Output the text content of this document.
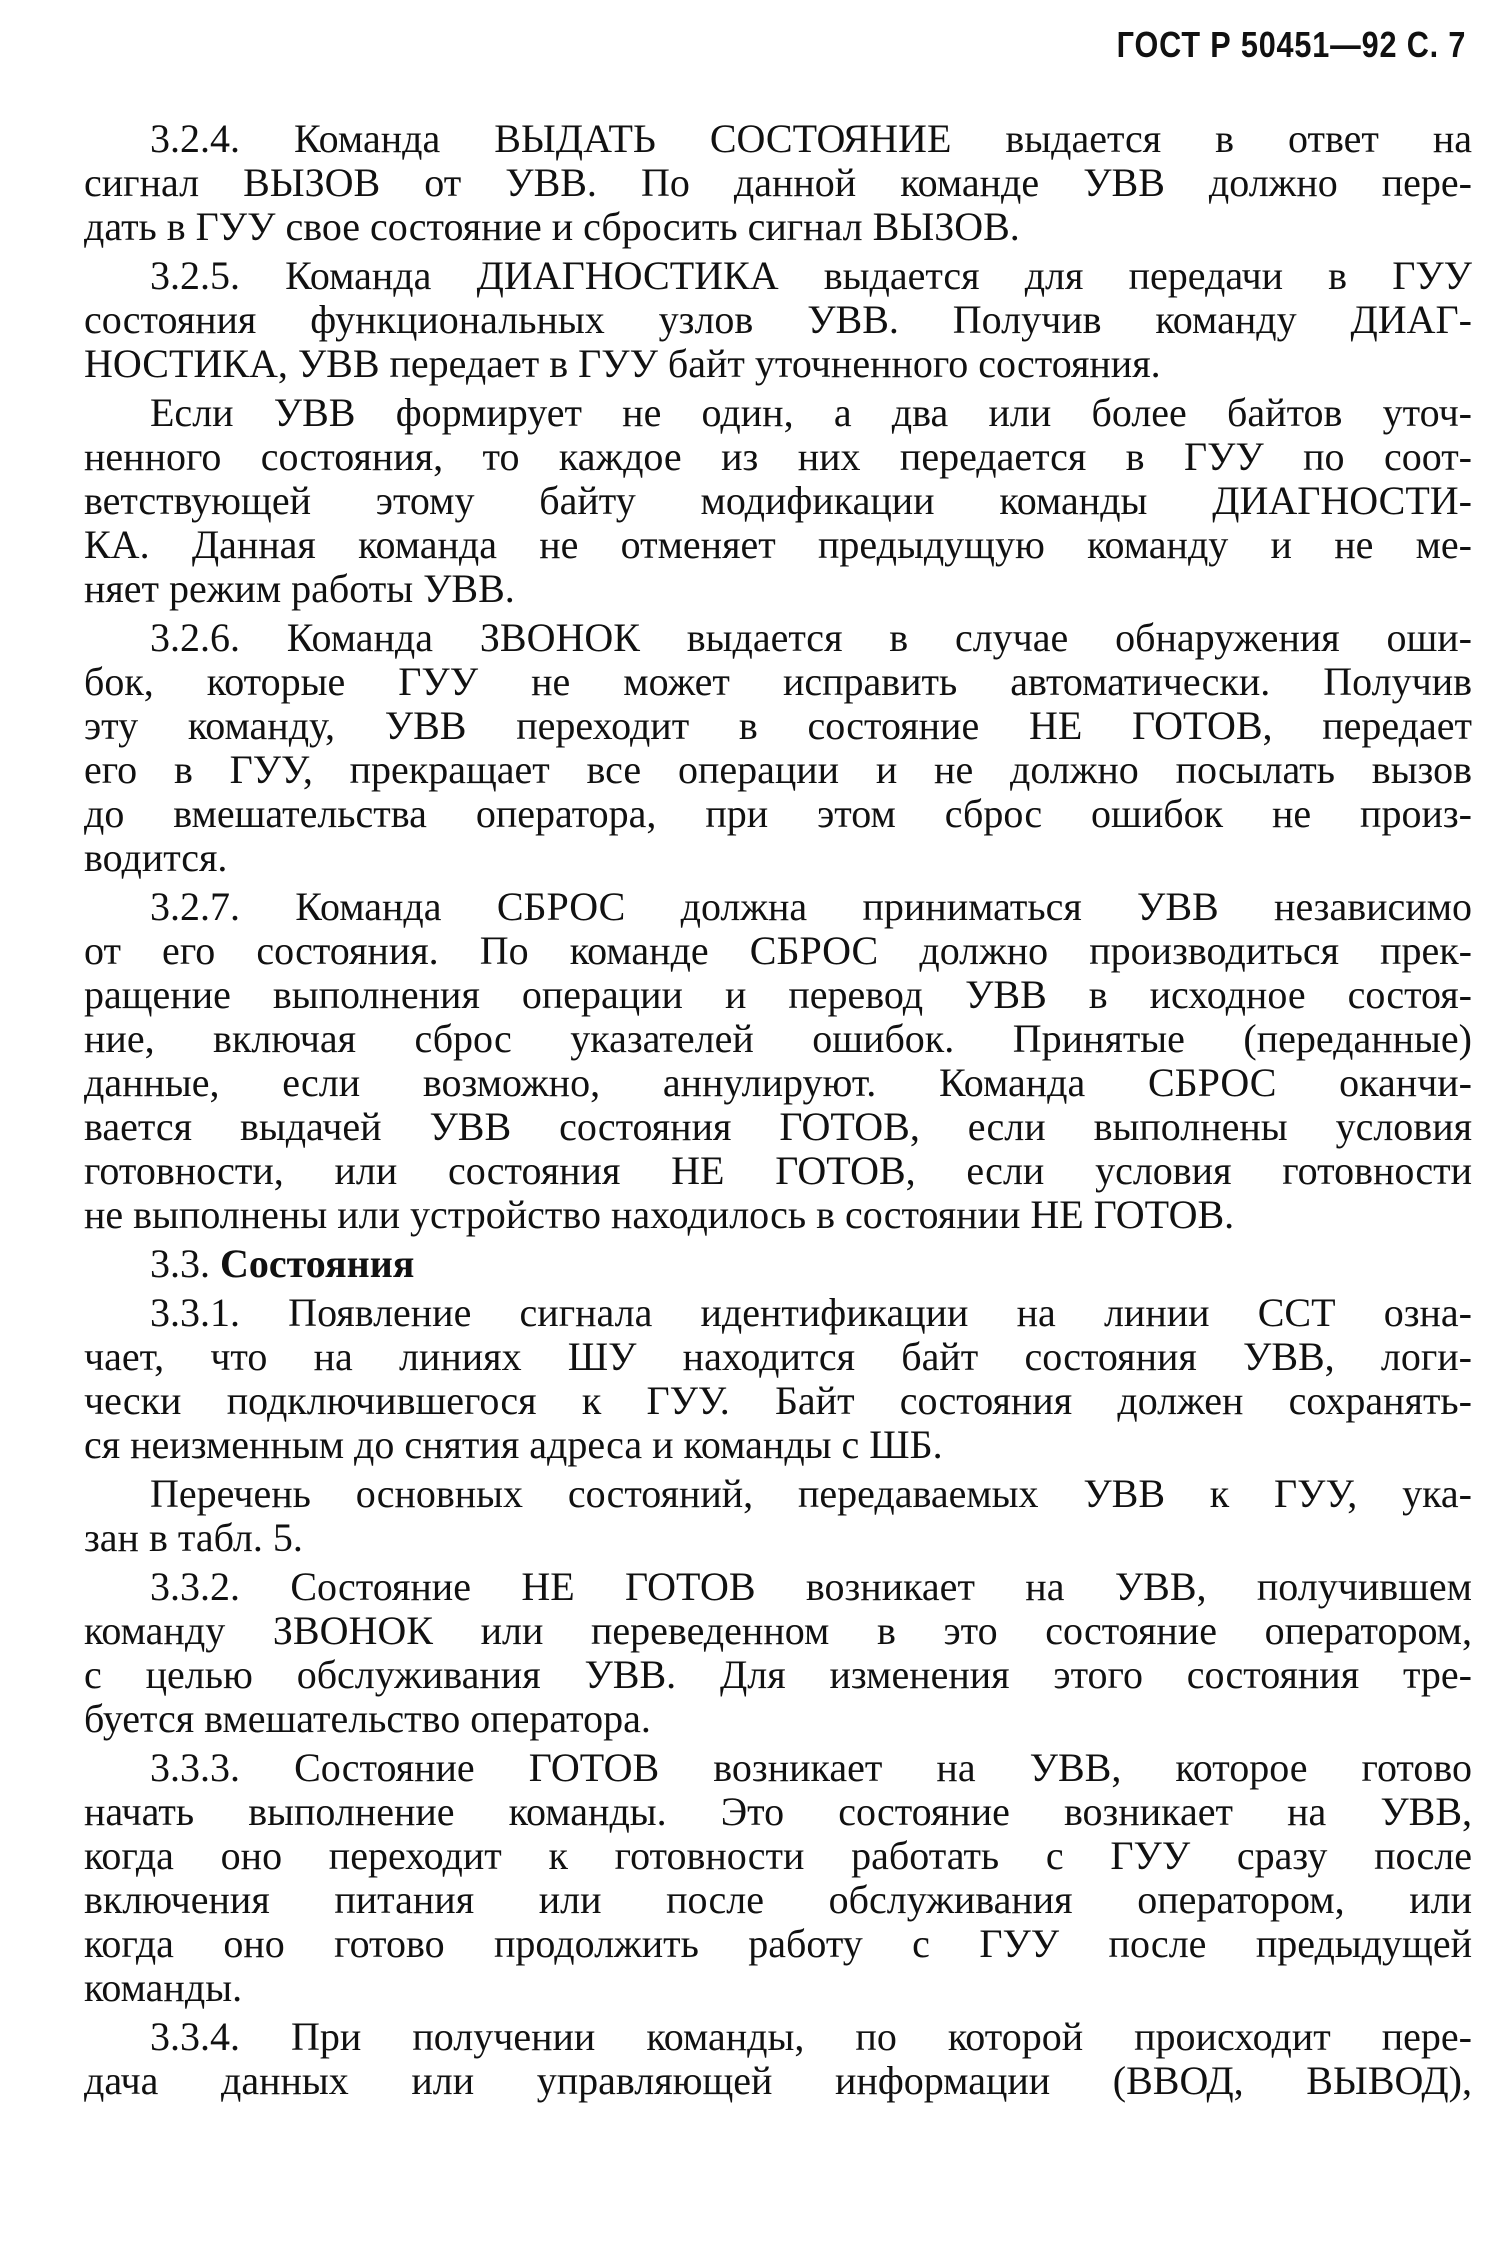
ГОСТ Р 50451—92 С. 7
3.2.4. Команда ВЫДАТЬ СОСТОЯНИЕ выдается в ответ на
сигнал ВЫЗОВ от УВВ. По данной команде УВВ должно пере-
дать в ГУУ свое состояние и сбросить сигнал ВЫЗОВ.
3.2.5. Команда ДИАГНОСТИКА выдается для передачи в ГУУ
состояния функциональных узлов УВВ. Получив команду ДИАГ-
НОСТИКА, УВВ передает в ГУУ байт уточненного состояния.
Если УВВ формирует не один, а два или более байтов уточ-
ненного состояния, то каждое из них передается в ГУУ по соот-
ветствующей этому байту модификации команды ДИАГНОСТИ-
КА. Данная команда не отменяет предыдущую команду и не ме-
няет режим работы УВВ.
3.2.6. Команда ЗВОНОК выдается в случае обнаружения оши-
бок, которые ГУУ не может исправить автоматически. Получив
эту команду, УВВ переходит в состояние НЕ ГОТОВ, передает
его в ГУУ, прекращает все операции и не должно посылать вызов
до вмешательства оператора, при этом сброс ошибок не произ-
водится.
3.2.7. Команда СБРОС должна приниматься УВВ независимо
от его состояния. По команде СБРОС должно производиться прек-
ращение выполнения операции и перевод УВВ в исходное состоя-
ние, включая сброс указателей ошибок. Принятые (переданные)
данные, если возможно, аннулируют. Команда СБРОС оканчи-
вается выдачей УВВ состояния ГОТОВ, если выполнены условия
готовности, или состояния НЕ ГОТОВ, если условия готовности
не выполнены или устройство находилось в состоянии НЕ ГОТОВ.
3.3. Состояния
3.3.1. Появление сигнала идентификации на линии ССТ озна-
чает, что на линиях ШУ находится байт состояния УВВ, логи-
чески подключившегося к ГУУ. Байт состояния должен сохранять-
ся неизменным до снятия адреса и команды с ШБ.
Перечень основных состояний, передаваемых УВВ к ГУУ, ука-
зан в табл. 5.
3.3.2. Состояние НЕ ГОТОВ возникает на УВВ, получившем
команду ЗВОНОК или переведенном в это состояние оператором,
с целью обслуживания УВВ. Для изменения этого состояния тре-
буется вмешательство оператора.
3.3.3. Состояние ГОТОВ возникает на УВВ, которое готово
начать выполнение команды. Это состояние возникает на УВВ,
когда оно переходит к готовности работать с ГУУ сразу после
включения питания или после обслуживания оператором, или
когда оно готово продолжить работу с ГУУ после предыдущей
команды.
3.3.4. При получении команды, по которой происходит пере-
дача данных или управляющей информации (ВВОД, ВЫВОД),
